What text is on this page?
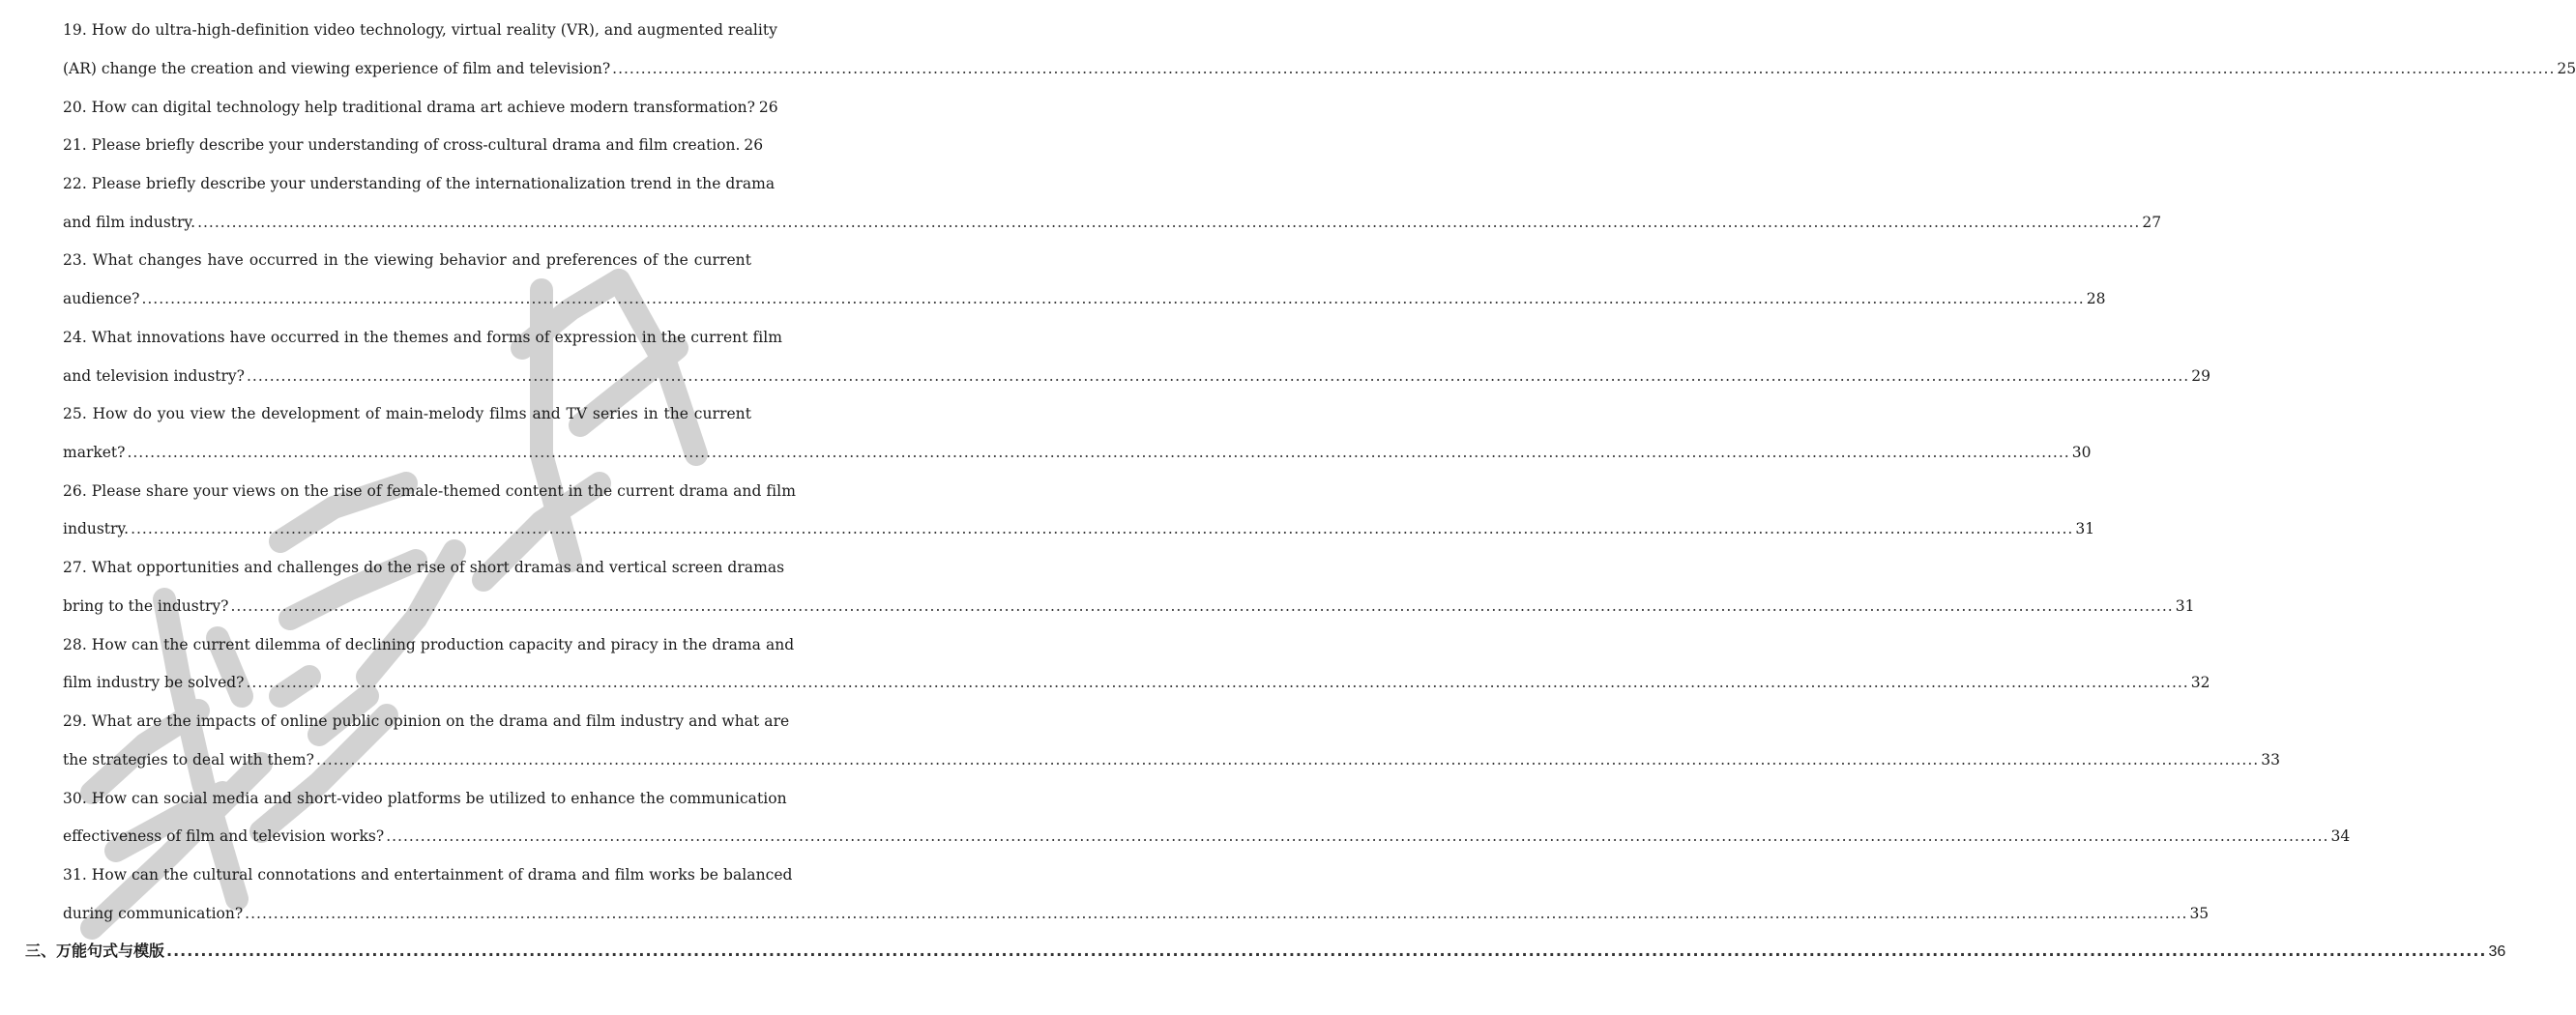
19. How do ultra-high-definition video technology, virtual reality (VR), and augmented reality
(AR) change the creation and viewing experience of film and television? .....	25
20. How can digital technology help traditional drama art achieve modern transformation? 26
21. Please briefly describe your understanding of cross-cultural drama and film creation. 26
22. Please briefly describe your understanding of the internationalization trend in the drama
and film industry. .....	27
23. What changes have occurred in the viewing behavior and preferences of the current
audience? .....	28
24. What innovations have occurred in the themes and forms of expression in the current film
and television industry? .....	29
25. How do you view the development of main-melody films and TV series in the current
market? .....	30
26. Please share your views on the rise of female-themed content in the current drama and film
industry. .....	31
27. What opportunities and challenges do the rise of short dramas and vertical screen dramas
bring to the industry? .....	31
28. How can the current dilemma of declining production capacity and piracy in the drama and
film industry be solved? .....	32
29. What are the impacts of online public opinion on the drama and film industry and what are
the strategies to deal with them? .....	33
30. How can social media and short-video platforms be utilized to enhance the communication
effectiveness of film and television works? .....	34
31. How can the cultural connotations and entertainment of drama and film works be balanced
during communication? .....	35
三、万能句式与模版 .....	36
